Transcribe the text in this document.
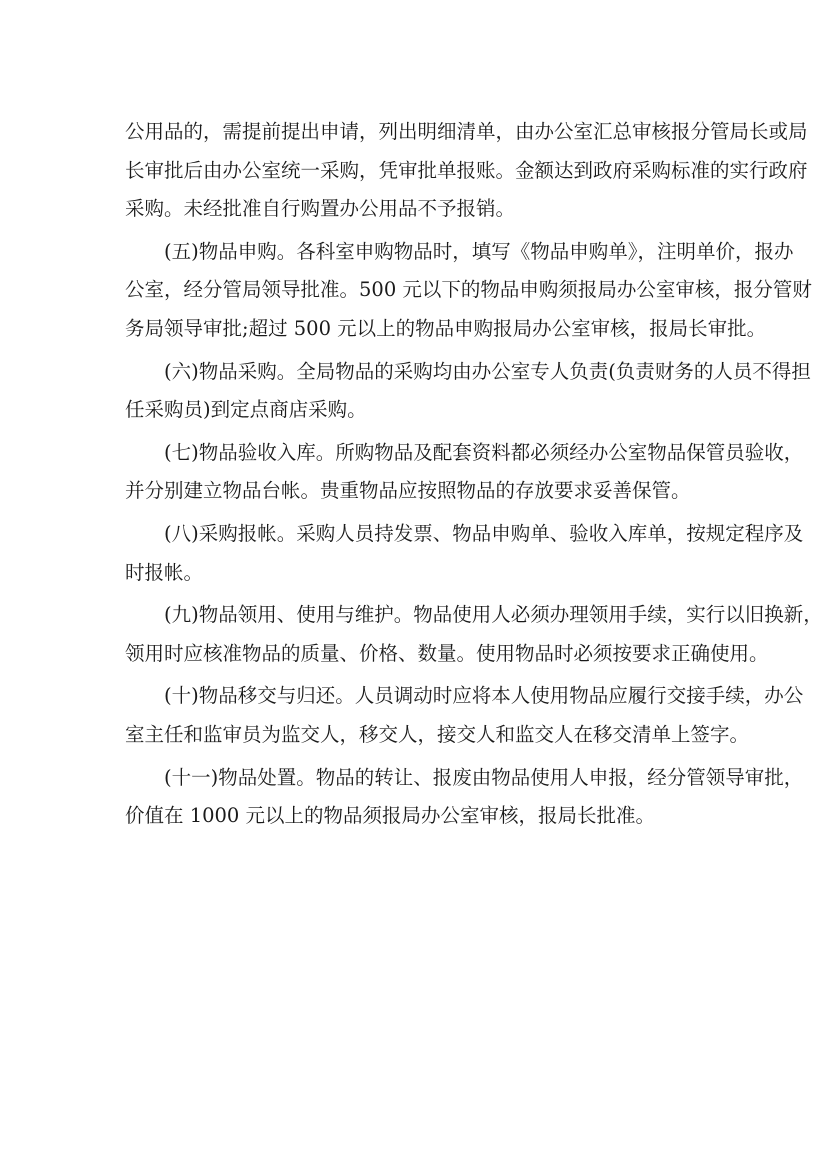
公用品的，需提前提出申请，列出明细清单，由办公室汇总审核报分管局长或局
长审批后由办公室统一采购，凭审批单报账。金额达到政府采购标准的实行政府
采购。未经批准自行购置办公用品不予报销。
(五)物品申购。各科室申购物品时，填写《物品申购单》，注明单价，报办
公室，经分管局领导批准。500 元以下的物品申购须报局办公室审核，报分管财
务局领导审批;超过 500 元以上的物品申购报局办公室审核，报局长审批。
(六)物品采购。全局物品的采购均由办公室专人负责(负责财务的人员不得担
任采购员)到定点商店采购。
(七)物品验收入库。所购物品及配套资料都必须经办公室物品保管员验收，
并分别建立物品台帐。贵重物品应按照物品的存放要求妥善保管。
(八)采购报帐。采购人员持发票、物品申购单、验收入库单，按规定程序及
时报帐。
(九)物品领用、使用与维护。物品使用人必须办理领用手续，实行以旧换新，
领用时应核准物品的质量、价格、数量。使用物品时必须按要求正确使用。
(十)物品移交与归还。人员调动时应将本人使用物品应履行交接手续，办公
室主任和监审员为监交人，移交人，接交人和监交人在移交清单上签字。
(十一)物品处置。物品的转让、报废由物品使用人申报，经分管领导审批，
价值在 1000 元以上的物品须报局办公室审核，报局长批准。
